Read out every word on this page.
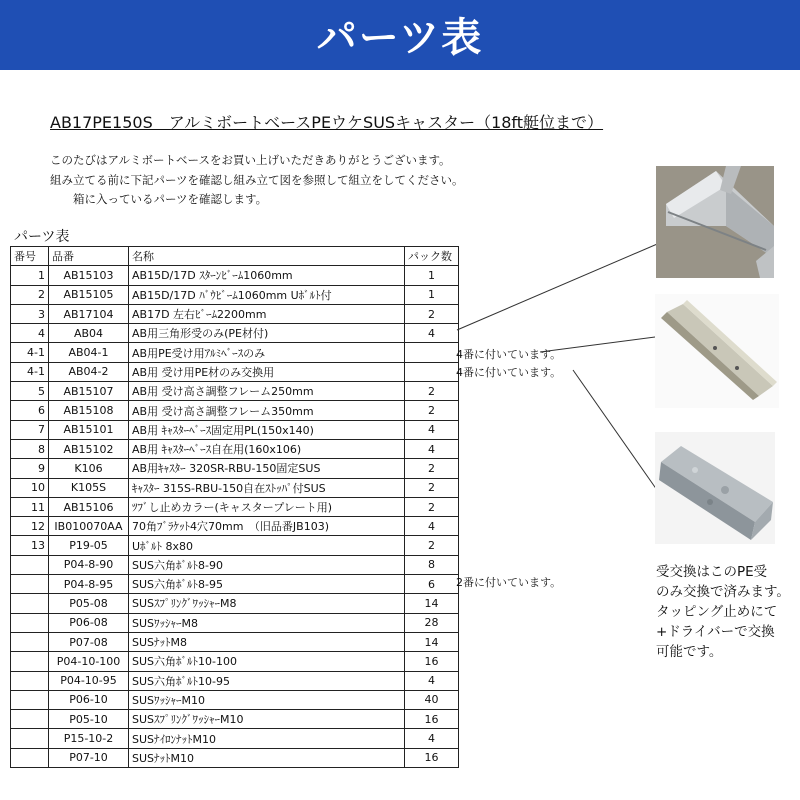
パーツ表
AB17PE150S　アルミボートベースPEウケSUSキャスター（18ft艇位まで）
このたびはアルミボートベースをお買い上げいただきありがとうございます。
組み立てる前に下記パーツを確認し組み立て図を参照して組立をしてください。
　　箱に入っているパーツを確認します。
パーツ表
番号	品番	名称	パック数
1	AB15103	AB15D/17D ｽﾀｰﾝﾋﾞｰﾑ1060mm	1
2	AB15105	AB15D/17D ﾊﾞｳﾋﾞｰﾑ1060mm Uﾎﾞﾙﾄ付	1
3	AB17104	AB17D 左右ﾋﾞｰﾑ2200mm	2
4	AB04	AB用三角形受のみ(PE材付)	4
4-1	AB04-1	AB用PE受け用ｱﾙﾐﾍﾞｰｽのみ	
4-1	AB04-2	AB用 受け用PE材のみ交換用	
5	AB15107	AB用 受け高さ調整フレーム250mm	2
6	AB15108	AB用 受け高さ調整フレーム350mm	2
7	AB15101	AB用 ｷｬｽﾀｰﾍﾞｰｽ固定用PL(150x140)	4
8	AB15102	AB用 ｷｬｽﾀｰﾍﾞｰｽ自在用(160x106)	4
9	K106	AB用ｷｬｽﾀｰ 320SR-RBU-150固定SUS	2
10	K105S	ｷｬｽﾀｰ 315S-RBU-150自在ｽﾄｯﾊﾟ付SUS	2
11	AB15106	ﾂﾌﾞし止めカラー(キャスタープレート用)	2
12	IB010070AA	70角ﾌﾞﾗｹｯﾄ4穴70mm　（旧品番JB103)	4
13	P19-05	Uﾎﾞﾙﾄ 8x80	2
	P04-8-90	SUS六角ﾎﾞﾙﾄ8-90	8
	P04-8-95	SUS六角ﾎﾞﾙﾄ8-95	6
	P05-08	SUSｽﾌﾟﾘﾝｸﾞﾜｯｼｬｰM8	14
	P06-08	SUSﾜｯｼｬｰM8	28
	P07-08	SUSﾅｯﾄM8	14
	P04-10-100	SUS六角ﾎﾞﾙﾄ10-100	16
	P04-10-95	SUS六角ﾎﾞﾙﾄ10-95	4
	P06-10	SUSﾜｯｼｬｰM10	40
	P05-10	SUSｽﾌﾟﾘﾝｸﾞﾜｯｼｬｰM10	16
	P15-10-2	SUSﾅｲﾛﾝﾅｯﾄM10	4
	P07-10	SUSﾅｯﾄM10	16
4番に付いています。
4番に付いています。
2番に付いています。
受交換はこのPE受
のみ交換で済みます。
タッピング止めにて
+ドライバーで交換
可能です。
